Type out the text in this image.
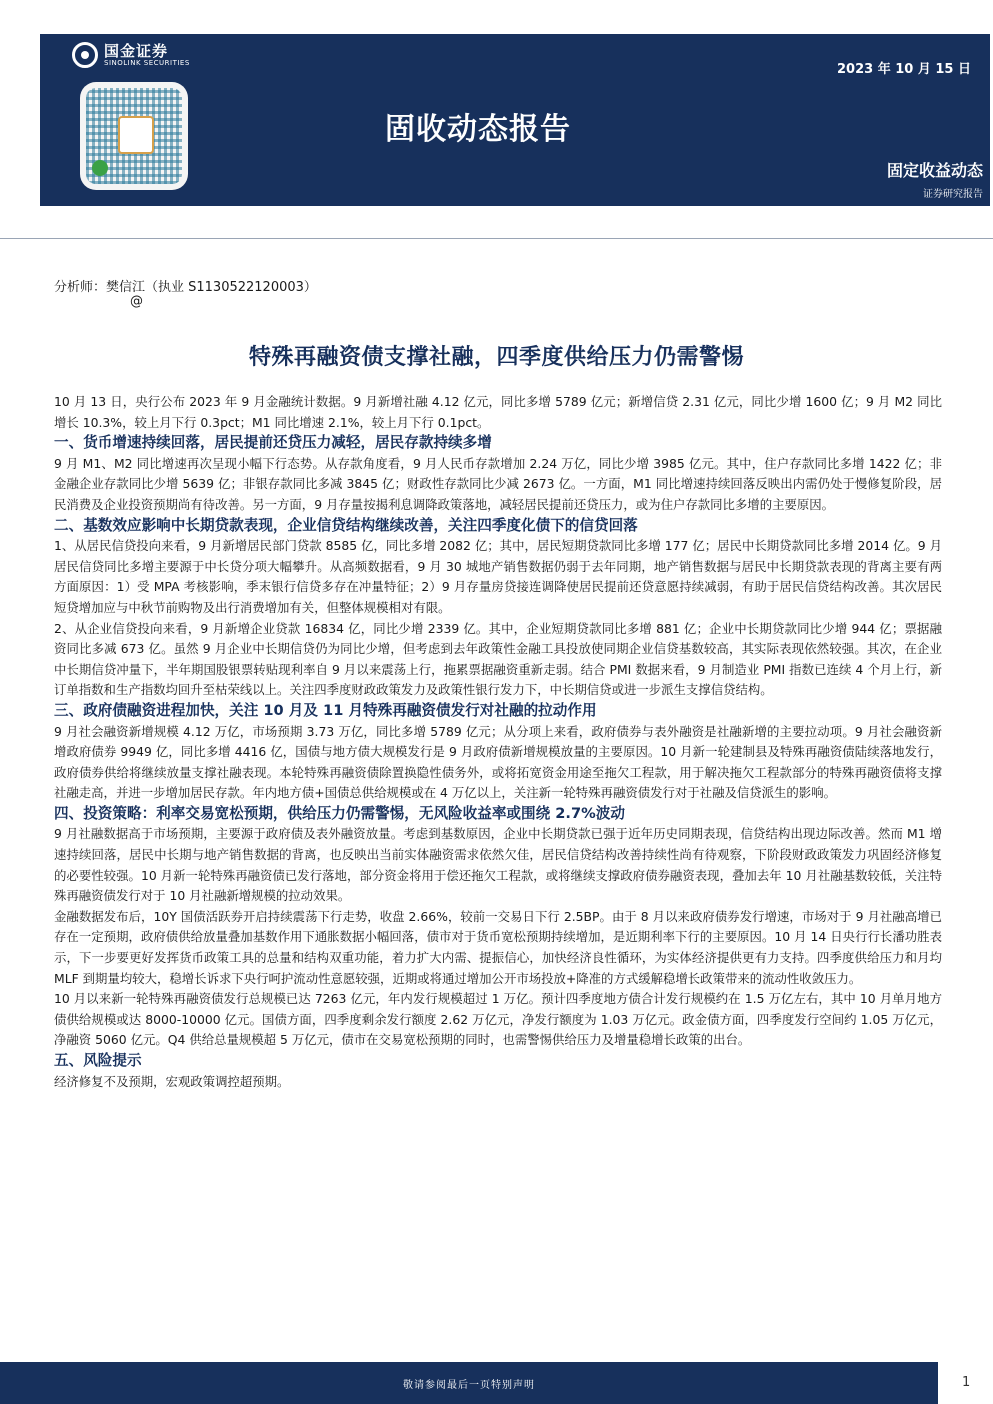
国金证券
SINOLINK SECURITIES	2023 年 10 月 15 日
固收动态报告
固定收益动态
证券研究报告
分析师：樊信江（执业 S1130522120003）
@
特殊再融资债支撑社融，四季度供给压力仍需警惕

10 月 13 日，央行公布 2023 年 9 月金融统计数据。9 月新增社融 4.12 亿元，同比多增 5789 亿元；新增信贷 2.31 亿元，同比少增 1600 亿；9 月 M2 同比增长 10.3%，较上月下行 0.3pct；M1 同比增速 2.1%，较上月下行 0.1pct。

一、货币增速持续回落，居民提前还贷压力减轻，居民存款持续多增

9 月 M1、M2 同比增速再次呈现小幅下行态势。从存款角度看，9 月人民币存款增加 2.24 万亿，同比少增 3985 亿元。其中，住户存款同比多增 1422 亿；非金融企业存款同比少增 5639 亿；非银存款同比多减 3845 亿；财政性存款同比少减 2673 亿。一方面，M1 同比增速持续回落反映出内需仍处于慢修复阶段，居民消费及企业投资预期尚有待改善。另一方面，9 月存量按揭利息调降政策落地，减轻居民提前还贷压力，或为住户存款同比多增的主要原因。

二、基数效应影响中长期贷款表现，企业信贷结构继续改善，关注四季度化债下的信贷回落

1、从居民信贷投向来看，9 月新增居民部门贷款 8585 亿，同比多增 2082 亿；其中，居民短期贷款同比多增 177 亿；居民中长期贷款同比多增 2014 亿。9 月居民信贷同比多增主要源于中长贷分项大幅攀升。从高频数据看，9 月 30 城地产销售数据仍弱于去年同期，地产销售数据与居民中长期贷款表现的背离主要有两方面原因：1）受 MPA 考核影响，季末银行信贷多存在冲量特征；2）9 月存量房贷接连调降使居民提前还贷意愿持续减弱，有助于居民信贷结构改善。其次居民短贷增加应与中秋节前购物及出行消费增加有关，但整体规模相对有限。

2、从企业信贷投向来看，9 月新增企业贷款 16834 亿，同比少增 2339 亿。其中，企业短期贷款同比多增 881 亿；企业中长期贷款同比少增 944 亿；票据融资同比多减 673 亿。虽然 9 月企业中长期信贷仍为同比少增，但考虑到去年政策性金融工具投放使同期企业信贷基数较高，其实际表现依然较强。其次，在企业中长期信贷冲量下，半年期国股银票转贴现利率自 9 月以来震荡上行，拖累票据融资重新走弱。结合 PMI 数据来看，9 月制造业 PMI 指数已连续 4 个月上行，新订单指数和生产指数均回升至枯荣线以上。关注四季度财政政策发力及政策性银行发力下，中长期信贷或进一步派生支撑信贷结构。

三、政府债融资进程加快，关注 10 月及 11 月特殊再融资债发行对社融的拉动作用

9 月社会融资新增规模 4.12 万亿，市场预期 3.73 万亿，同比多增 5789 亿元；从分项上来看，政府债券与表外融资是社融新增的主要拉动项。9 月社会融资新增政府债券 9949 亿，同比多增 4416 亿，国债与地方债大规模发行是 9 月政府债新增规模放量的主要原因。10 月新一轮建制县及特殊再融资债陆续落地发行，政府债券供给将继续放量支撑社融表现。本轮特殊再融资债除置换隐性债务外，或将拓宽资金用途至拖欠工程款，用于解决拖欠工程款部分的特殊再融资债将支撑社融走高，并进一步增加居民存款。年内地方债+国债总供给规模或在 4 万亿以上，关注新一轮特殊再融资债发行对于社融及信贷派生的影响。

四、投资策略：利率交易宽松预期，供给压力仍需警惕，无风险收益率或围绕 2.7%波动

9 月社融数据高于市场预期，主要源于政府债及表外融资放量。考虑到基数原因，企业中长期贷款已强于近年历史同期表现，信贷结构出现边际改善。然而 M1 增速持续回落，居民中长期与地产销售数据的背离，也反映出当前实体融资需求依然欠佳，居民信贷结构改善持续性尚有待观察，下阶段财政政策发力巩固经济修复的必要性较强。10 月新一轮特殊再融资债已发行落地，部分资金将用于偿还拖欠工程款，或将继续支撑政府债券融资表现，叠加去年 10 月社融基数较低，关注特殊再融资债发行对于 10 月社融新增规模的拉动效果。

金融数据发布后，10Y 国债活跃券开启持续震荡下行走势，收盘 2.66%，较前一交易日下行 2.5BP。由于 8 月以来政府债券发行增速，市场对于 9 月社融高增已存在一定预期，政府债供给放量叠加基数作用下通胀数据小幅回落，债市对于货币宽松预期持续增加，是近期利率下行的主要原因。10 月 14 日央行行长潘功胜表示，下一步要更好发挥货币政策工具的总量和结构双重功能，着力扩大内需、提振信心，加快经济良性循环，为实体经济提供更有力支持。四季度供给压力和月均 MLF 到期量均较大，稳增长诉求下央行呵护流动性意愿较强，近期或将通过增加公开市场投放+降准的方式缓解稳增长政策带来的流动性收敛压力。

10 月以来新一轮特殊再融资债发行总规模已达 7263 亿元，年内发行规模超过 1 万亿。预计四季度地方债合计发行规模约在 1.5 万亿左右，其中 10 月单月地方债供给规模或达 8000-10000 亿元。国债方面，四季度剩余发行额度 2.62 万亿元，净发行额度为 1.03 万亿元。政金债方面，四季度发行空间约 1.05 万亿元，净融资 5060 亿元。Q4 供给总量规模超 5 万亿元，债市在交易宽松预期的同时，也需警惕供给压力及增量稳增长政策的出台。

五、风险提示

经济修复不及预期，宏观政策调控超预期。

敬请参阅最后一页特别声明	1
